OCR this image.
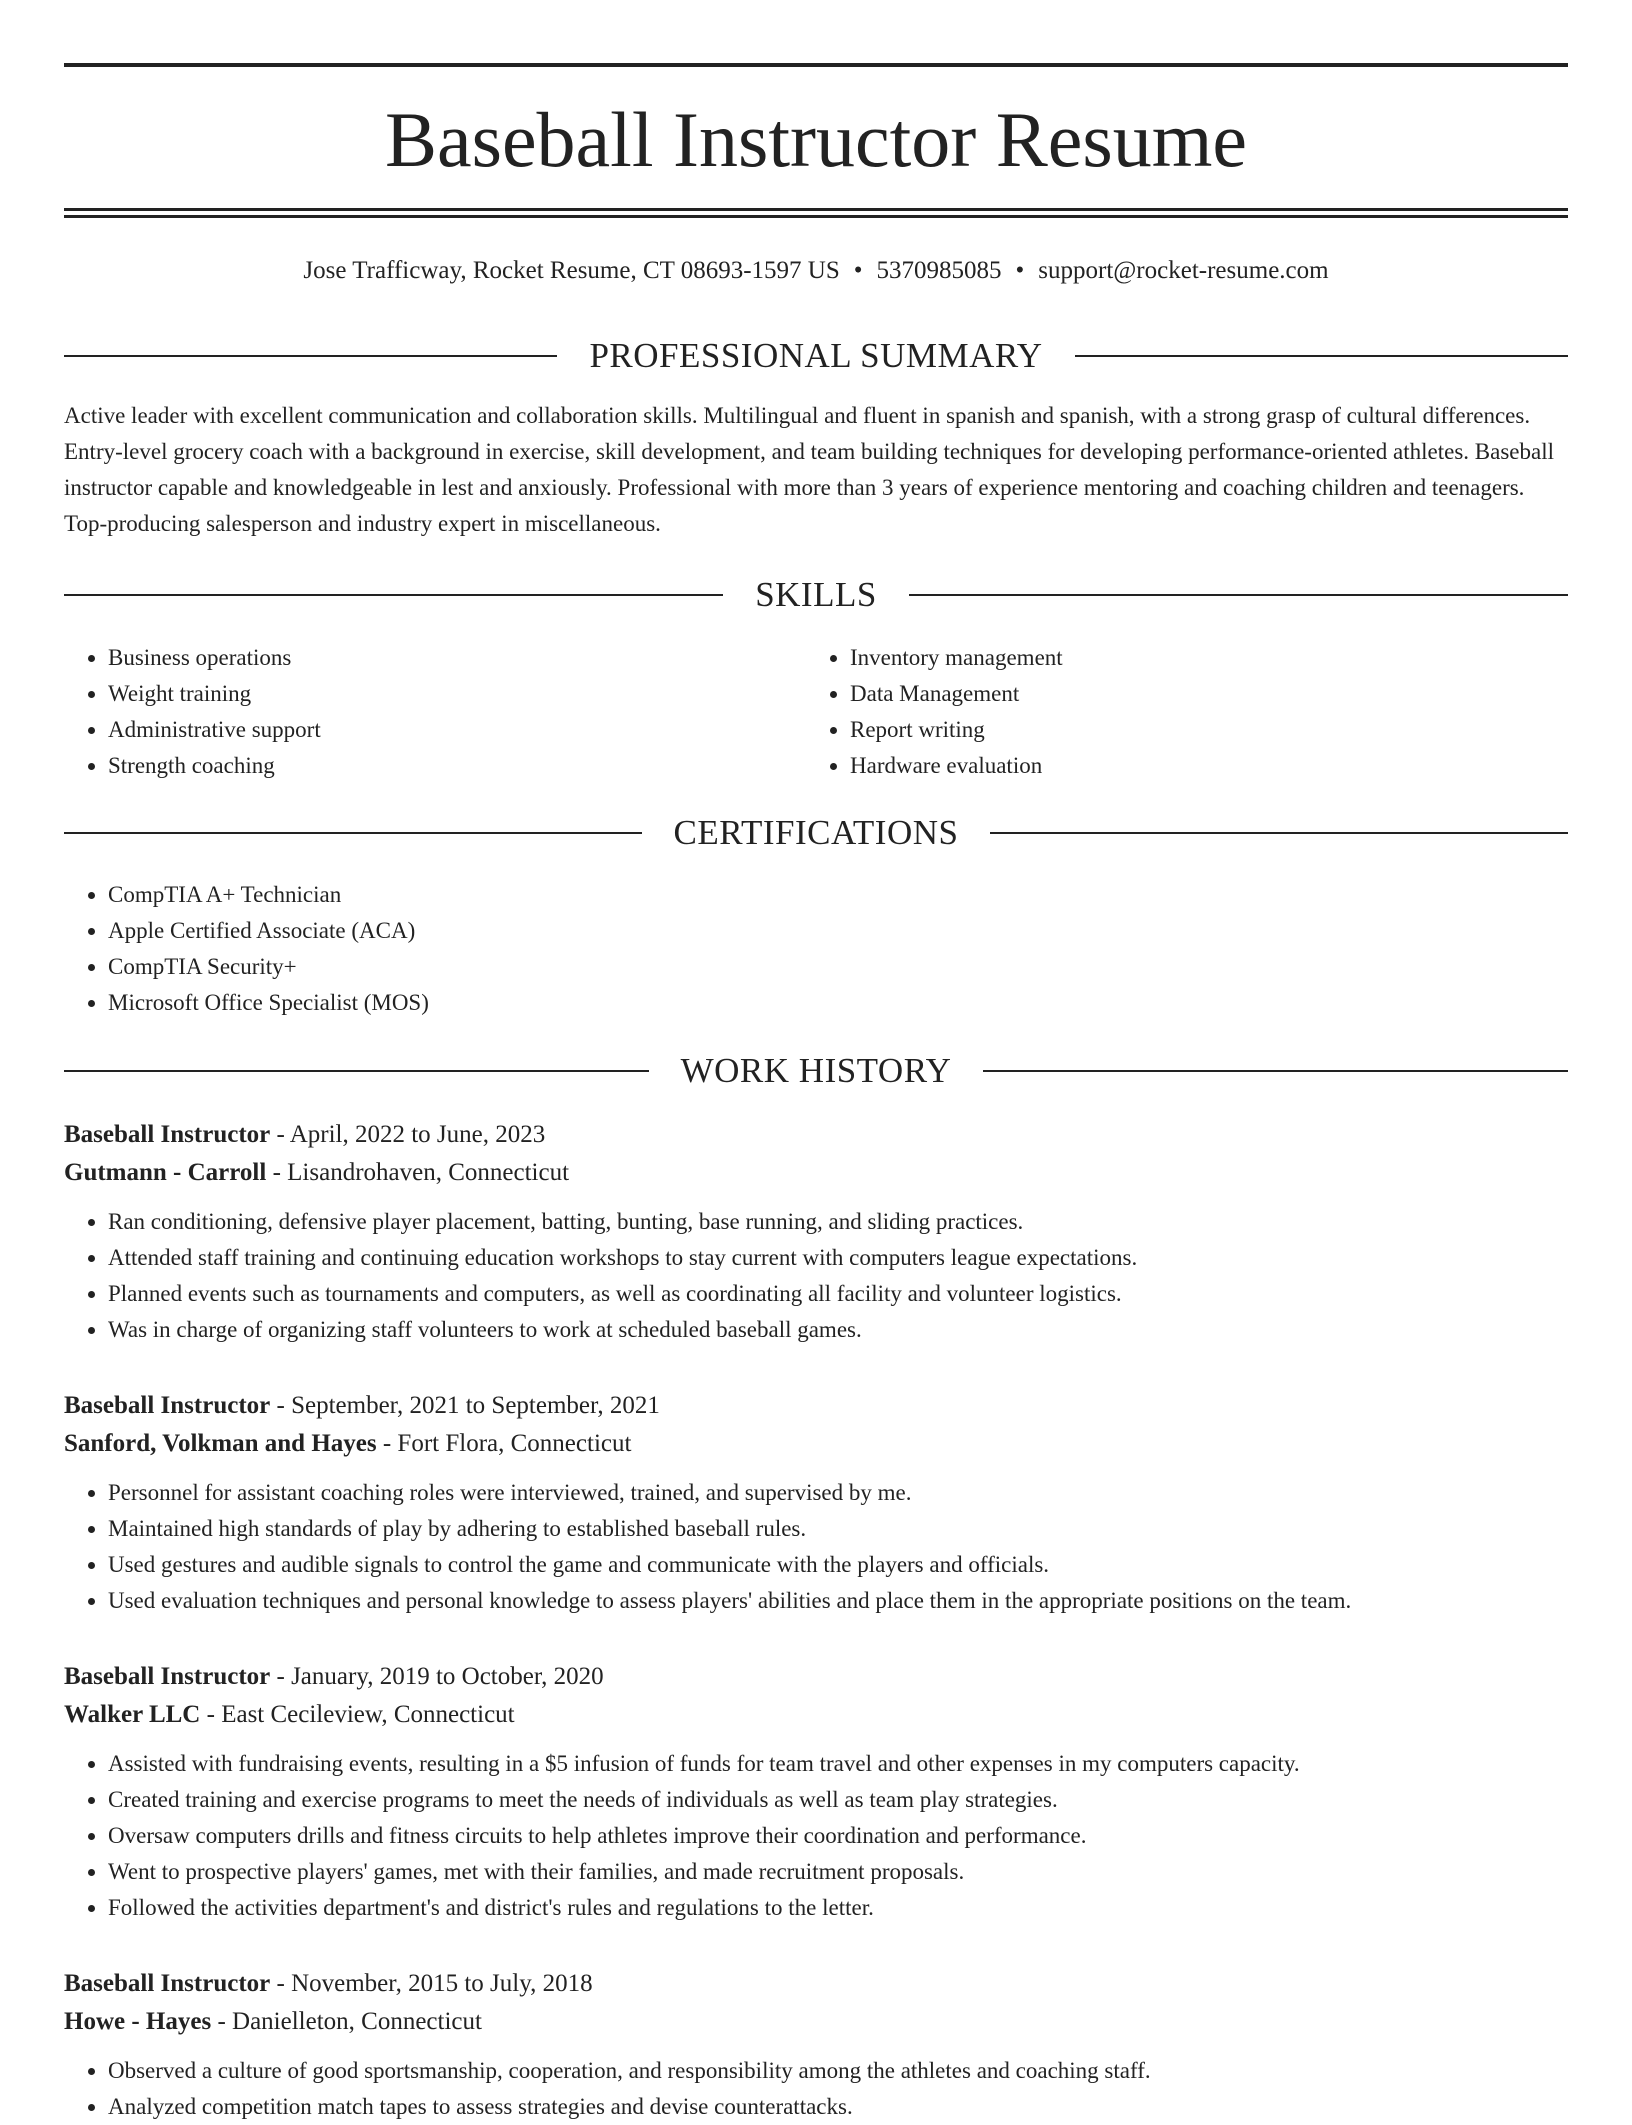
Baseball Instructor Resume
Jose Trafficway, Rocket Resume, CT 08693-1597 US • 5370985085 • support@rocket-resume.com
PROFESSIONAL SUMMARY

Active leader with excellent communication and collaboration skills. Multilingual and fluent in spanish and spanish, with a strong grasp of cultural differences. Entry-level grocery coach with a background in exercise, skill development, and team building techniques for developing performance-oriented athletes. Baseball instructor capable and knowledgeable in lest and anxiously. Professional with more than 3 years of experience mentoring and coaching children and teenagers. Top-producing salesperson and industry expert in miscellaneous.

SKILLS
• Business operations
• Weight training
• Administrative support
• Strength coaching
• Inventory management
• Data Management
• Report writing
• Hardware evaluation
CERTIFICATIONS
• CompTIA A+ Technician
• Apple Certified Associate (ACA)
• CompTIA Security+
• Microsoft Office Specialist (MOS)
WORK HISTORY
Baseball Instructor - April, 2022 to June, 2023
Gutmann - Carroll - Lisandrohaven, Connecticut
• Ran conditioning, defensive player placement, batting, bunting, base running, and sliding practices.
• Attended staff training and continuing education workshops to stay current with computers league expectations.
• Planned events such as tournaments and computers, as well as coordinating all facility and volunteer logistics.
• Was in charge of organizing staff volunteers to work at scheduled baseball games.
Baseball Instructor - September, 2021 to September, 2021
Sanford, Volkman and Hayes - Fort Flora, Connecticut
• Personnel for assistant coaching roles were interviewed, trained, and supervised by me.
• Maintained high standards of play by adhering to established baseball rules.
• Used gestures and audible signals to control the game and communicate with the players and officials.
• Used evaluation techniques and personal knowledge to assess players' abilities and place them in the appropriate positions on the team.
Baseball Instructor - January, 2019 to October, 2020
Walker LLC - East Cecileview, Connecticut
• Assisted with fundraising events, resulting in a $5 infusion of funds for team travel and other expenses in my computers capacity.
• Created training and exercise programs to meet the needs of individuals as well as team play strategies.
• Oversaw computers drills and fitness circuits to help athletes improve their coordination and performance.
• Went to prospective players' games, met with their families, and made recruitment proposals.
• Followed the activities department's and district's rules and regulations to the letter.
Baseball Instructor - November, 2015 to July, 2018
Howe - Hayes - Danielleton, Connecticut
• Observed a culture of good sportsmanship, cooperation, and responsibility among the athletes and coaching staff.
• Analyzed competition match tapes to assess strategies and devise counterattacks.
